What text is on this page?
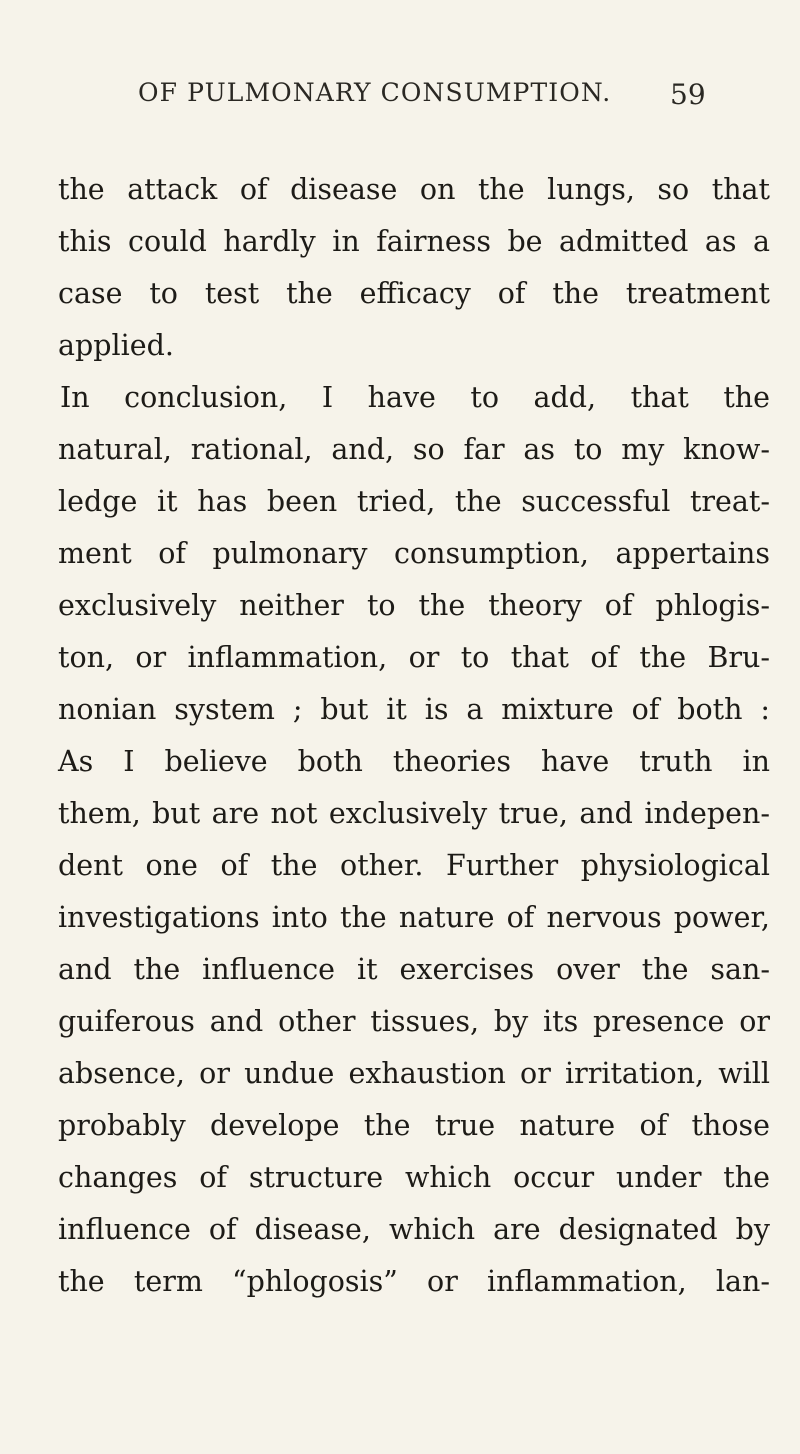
OF PULMONARY CONSUMPTION. 59
the attack of disease on the lungs, so that
this could hardly in fairness be admitted as a
case to test the efficacy of the treatment
applied.
In conclusion, I have to add, that the
natural, rational, and, so far as to my know-
ledge it has been tried, the successful treat-
ment of pulmonary consumption, appertains
exclusively neither to the theory of phlogis-
ton, or inflammation, or to that of the Bru-
nonian system ; but it is a mixture of both :
As I believe both theories have truth in
them, but are not exclusively true, and indepen-
dent one of the other. Further physiological
investigations into the nature of nervous power,
and the influence it exercises over the san-
guiferous and other tissues, by its presence or
absence, or undue exhaustion or irritation, will
probably develope the true nature of those
changes of structure which occur under the
influence of disease, which are designated by
the term “phlogosis” or inflammation, lan-
